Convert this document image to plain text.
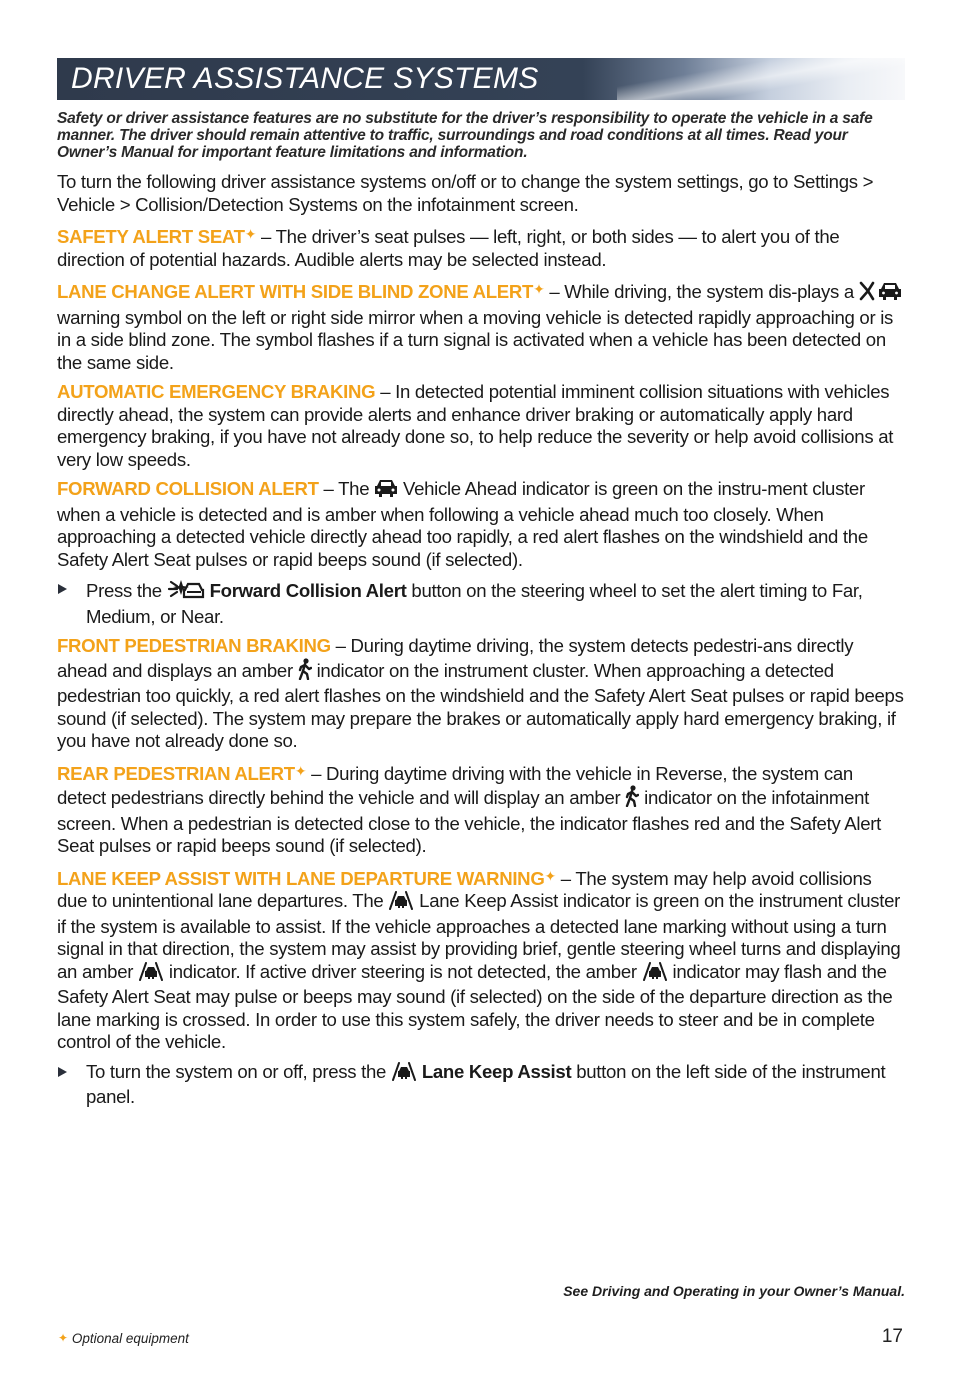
DRIVER ASSISTANCE SYSTEMS
Safety or driver assistance features are no substitute for the driver’s responsibility to operate the vehicle in a safe manner. The driver should remain attentive to traffic, surroundings and road conditions at all times. Read your Owner’s Manual for important feature limitations and information.

To turn the following driver assistance systems on/off or to change the system settings, go to Settings > Vehicle > Collision/Detection Systems on the infotainment screen.

SAFETY ALERT SEAT✦ – The driver’s seat pulses — left, right, or both sides — to alert you of the direction of potential hazards. Audible alerts may be selected instead.

LANE CHANGE ALERT WITH SIDE BLIND ZONE ALERT✦ – While driving, the system dis-plays a  warning symbol on the left or right side mirror when a moving vehicle is detected rapidly approaching or is in a side blind zone. The symbol flashes if a turn signal is activated when a vehicle has been detected on the same side.

AUTOMATIC EMERGENCY BRAKING – In detected potential imminent collision situations with vehicles directly ahead, the system can provide alerts and enhance driver braking or automatically apply hard emergency braking, if you have not already done so, to help reduce the severity or help avoid collisions at very low speeds.

FORWARD COLLISION ALERT – The  Vehicle Ahead indicator is green on the instru-ment cluster when a vehicle is detected and is amber when following a vehicle ahead much too closely. When approaching a detected vehicle directly ahead too rapidly, a red alert flashes on the windshield and the Safety Alert Seat pulses or rapid beeps sound (if selected).

Press the  Forward Collision Alert button on the steering wheel to set the alert timing to Far, Medium, or Near.

FRONT PEDESTRIAN BRAKING – During daytime driving, the system detects pedestri-ans directly ahead and displays an amber  indicator on the instrument cluster. When approaching a detected pedestrian too quickly, a red alert flashes on the windshield and the Safety Alert Seat pulses or rapid beeps sound (if selected). The system may prepare the brakes or automatically apply hard emergency braking, if you have not already done so.

REAR PEDESTRIAN ALERT✦ – During daytime driving with the vehicle in Reverse, the system can detect pedestrians directly behind the vehicle and will display an amber  indicator on the infotainment screen. When a pedestrian is detected close to the vehicle, the indicator flashes red and the Safety Alert Seat pulses or rapid beeps sound (if selected).

LANE KEEP ASSIST WITH LANE DEPARTURE WARNING✦ – The system may help avoid collisions due to unintentional lane departures. The  Lane Keep Assist indicator is green on the instrument cluster if the system is available to assist. If the vehicle approaches a detected lane marking without using a turn signal in that direction, the system may assist by providing brief, gentle steering wheel turns and displaying an amber  indicator. If active driver steering is not detected, the amber  indicator may flash and the Safety Alert Seat may pulse or beeps may sound (if selected) on the side of the departure direction as the lane marking is crossed. In order to use this system safely, the driver needs to steer and be in complete control of the vehicle.

To turn the system on or off, press the  Lane Keep Assist button on the left side of the instrument panel.
See Driving and Operating in your Owner’s Manual.
✦ Optional equipment	17
